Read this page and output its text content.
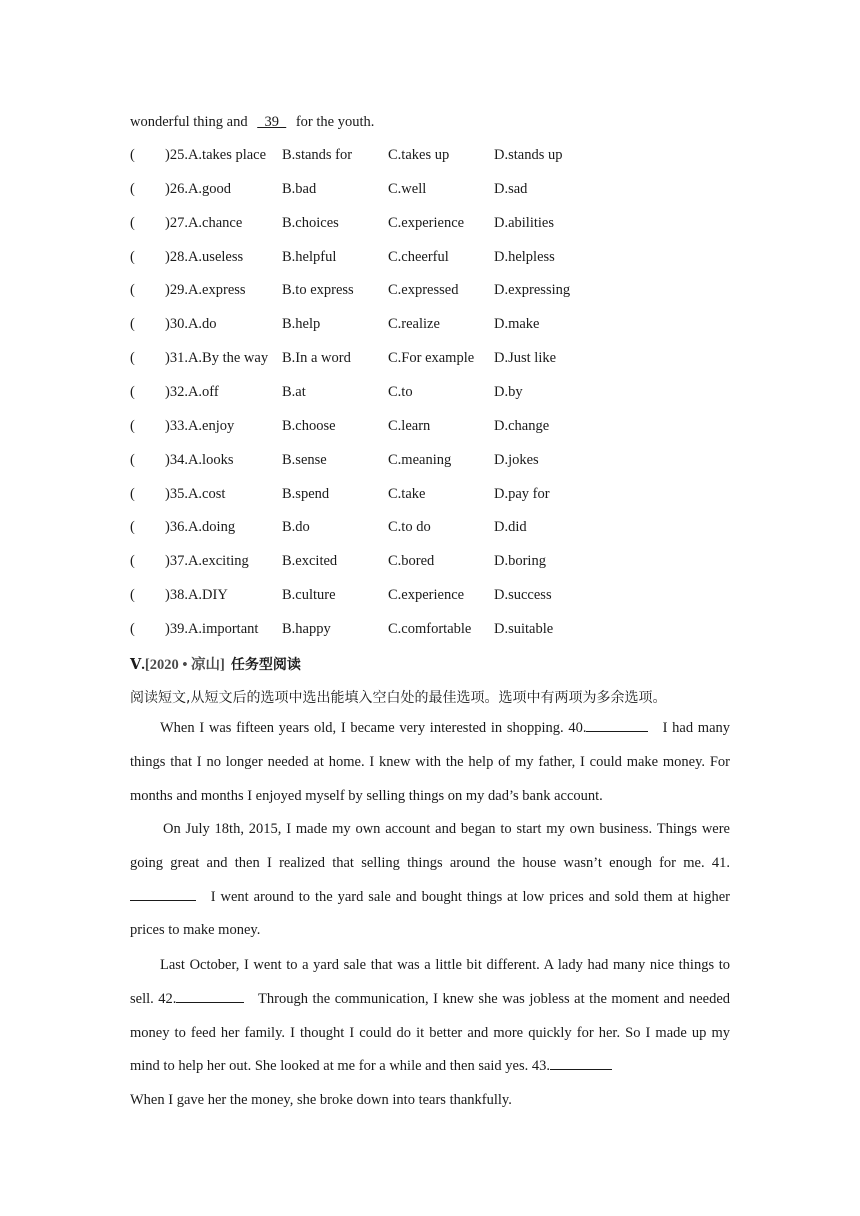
wonderful thing and   39   for the youth.
( )25.A.takes place B.stands for C.takes up	D.stands up
( )26.A.good	B.bad	C.well	D.sad
( )27.A.chance	B.choices	C.experience D.abilities
( )28.A.useless	B.helpful	C.cheerful	D.helpless
( )29.A.express	B.to express C.expressed D.expressing
( )30.A.do	B.help	C.realize	D.make
( )31.A.By the way B.In a word	C.For example D.Just like
( )32.A.off	B.at	C.to	D.by
( )33.A.enjoy	B.choose	C.learn	D.change
( )34.A.looks	B.sense	C.meaning	D.jokes
( )35.A.cost	B.spend	C.take	D.pay for
( )36.A.doing	B.do	C.to do	D.did
( )37.A.exciting B.excited	C.bored	D.boring
( )38.A.DIY	B.culture	C.experience D.success
( )39.A.important B.happy	C.comfortable D.suitable
Ⅴ.[2020 • 凉山] 任务型阅读
阅读短文,从短文后的选项中选出能填入空白处的最佳选项。选项中有两项为多余选项。

When I was fifteen years old, I became very interested in shopping. 40.	I had many things that I no longer needed at home. I knew with the help of my father, I could make money. For months and months I enjoyed myself by selling things on my dad’s bank account.

On July 18th, 2015, I made my own account and began to start my own business. Things were going great and then I realized that selling things around the house wasn’t enough for me. 41.   I went around to the yard sale and bought things at low prices and sold them at higher prices to make money.

Last October, I went to a yard sale that was a little bit different. A lady had many nice things to sell. 42.	Through the communication, I knew she was jobless at the moment and needed money to feed her family. I thought I could do it better and more quickly for her. So I made up my mind to help her out. She looked at me for a while and then said yes. 43.
When I gave her the money, she broke down into tears thankfully.
